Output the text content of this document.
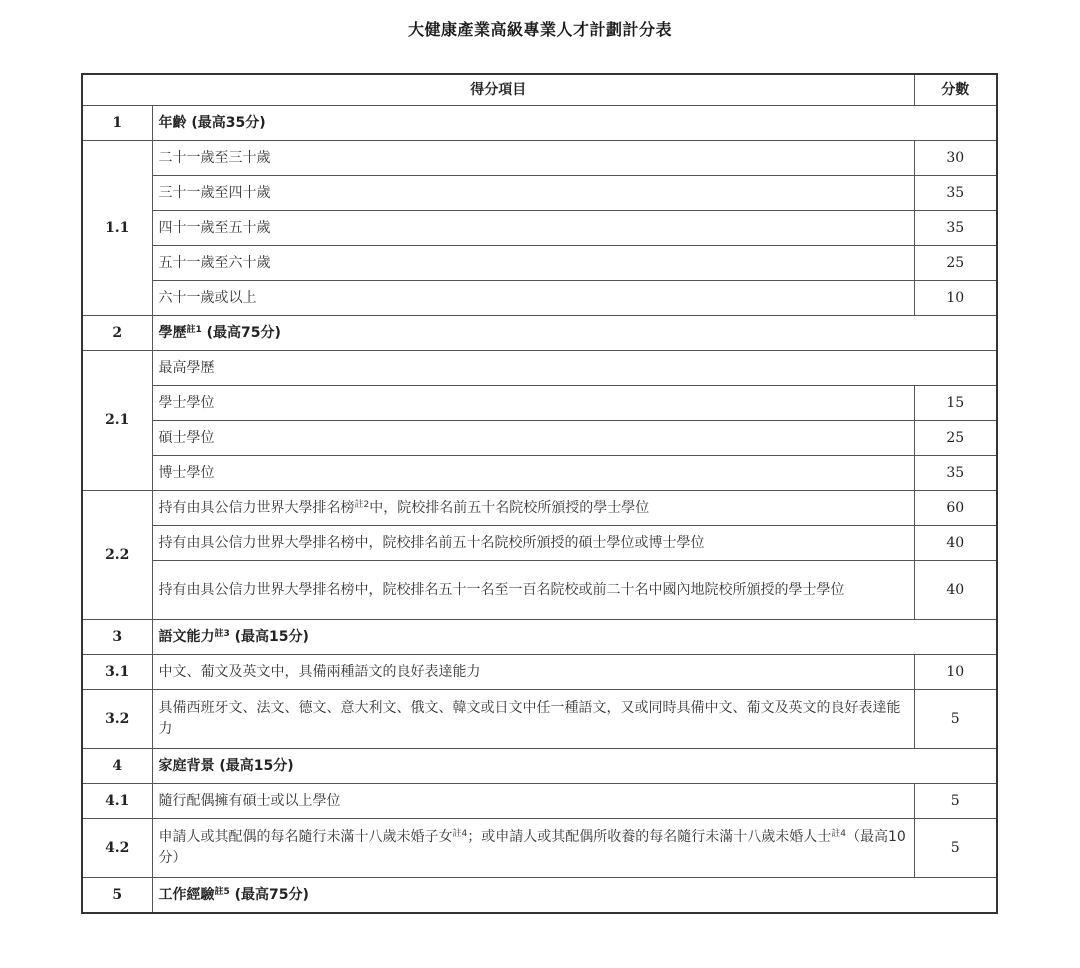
大健康產業高級專業人才計劃計分表
得分項目		分數
1	年齡 (最高35分)	
1.1	二十一歲至三十歲	30
	三十一歲至四十歲	35
	四十一歲至五十歲	35
	五十一歲至六十歲	25
	六十一歲或以上	10
2	學歷$^{註1}$ (最高75分)	
2.1	最高學歷	
	學士學位	15
	碩士學位	25
	博士學位	35
2.2	持有由具公信力世界大學排名榜$^{註2}$中，院校排名前五十名院校所頒授的學士學位	60
	持有由具公信力世界大學排名榜中，院校排名前五十名院校所頒授的碩士學位或博士學位	40
	持有由具公信力世界大學排名榜中，院校排名五十一名至一百名院校或前二十名中國內地院校所頒授的學士學位	40
3	語文能力$^{註3}$ (最高15分)	
3.1	中文、葡文及英文中，具備兩種語文的良好表達能力	10
3.2	具備西班牙文、法文、德文、意大利文、俄文、韓文或日文中任一種語文，又或同時具備中文、葡文及英文的良好表達能力	5
4	家庭背景 (最高15分)	
4.1	隨行配偶擁有碩士或以上學位	5
4.2	申請人或其配偶的每名隨行未滿十八歲未婚子女$^{註4}$；或申請人或其配偶所收養的每名隨行未滿十八歲未婚人士$^{註4}$（最高10分）	5
5	工作經驗$^{註5}$ (最高75分)	
